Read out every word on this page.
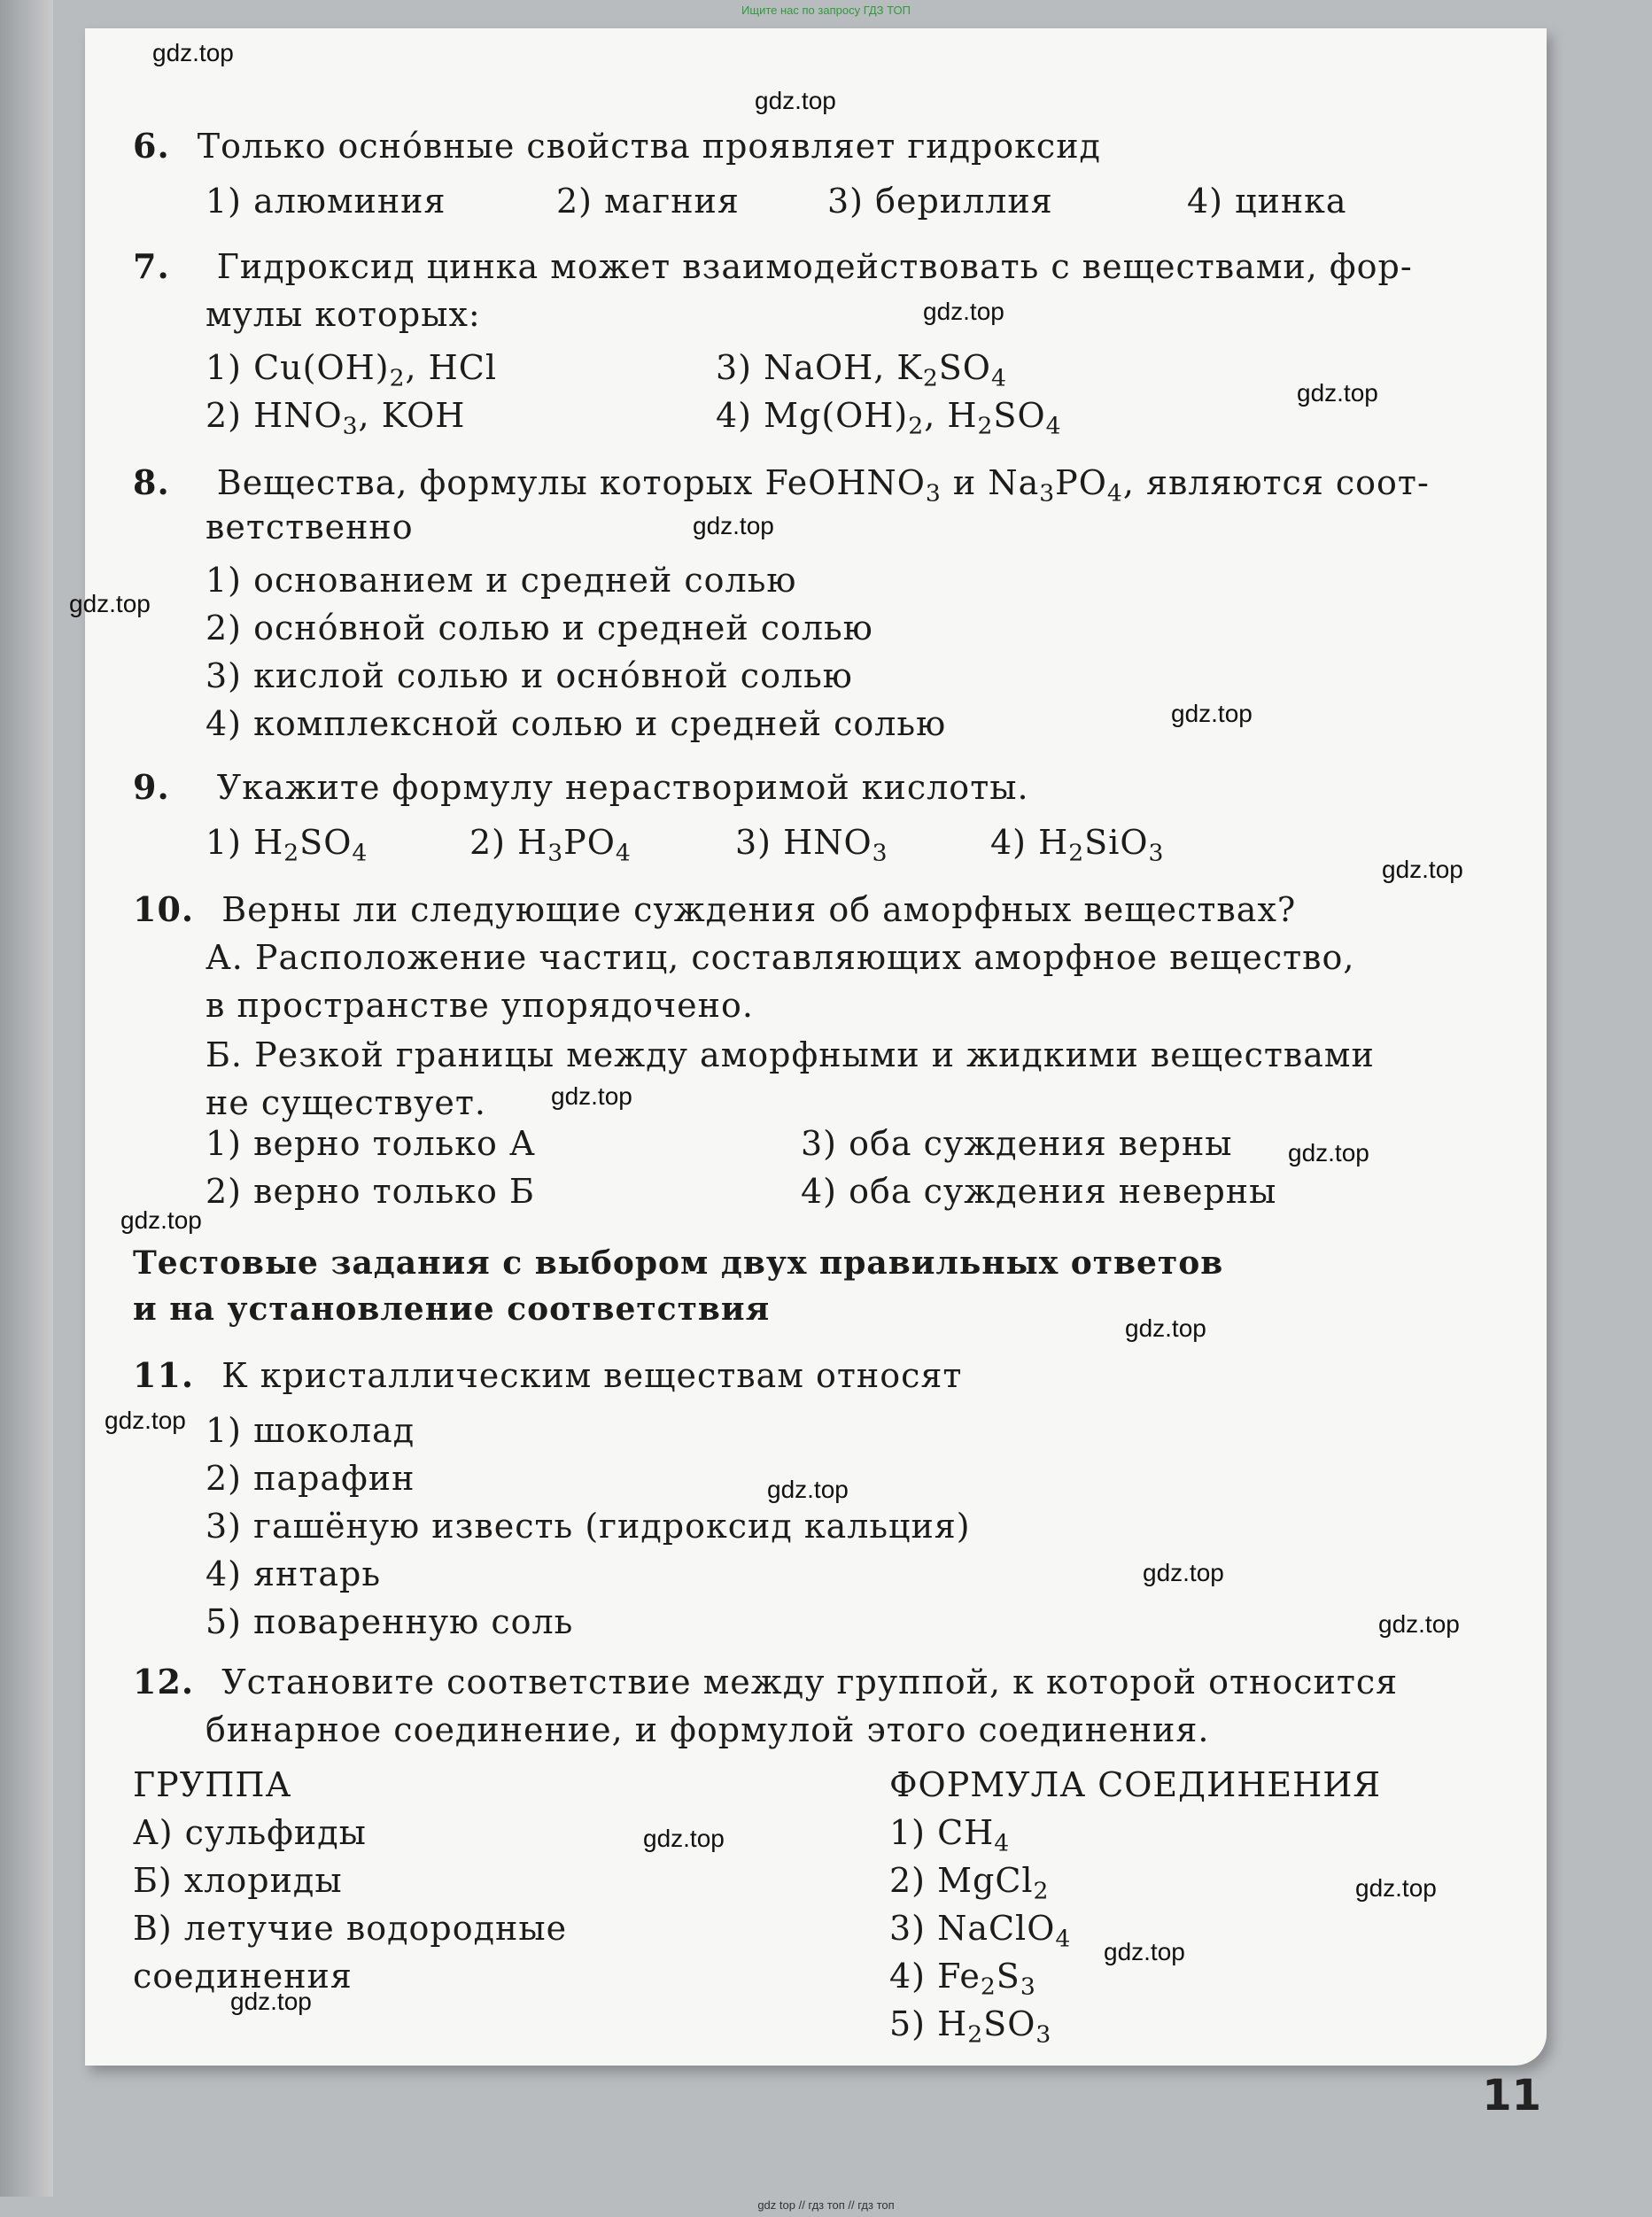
Ищите нас по запросу ГДЗ ТОП
11
6. Только осно́вные свойства проявляет гидроксид
1) алюминия	2) магния	3) бериллия	4) цинка
7. Гидроксид цинка может взаимодействовать с веществами, фор-
мулы которых:
1) $Cu(OH)_2$, HCl	3) NaOH, $K_2SO_4$
2) $HNO_3$, KOH	4) $Mg(OH)_2$, $H_2SO_4$
8. Вещества, формулы которых FeOHNO$_3$ и $Na_3PO_4$, являются соот-
ветственно
1) основанием и средней солью
2) осно́вной солью и средней солью
3) кислой солью и осно́вной солью
4) комплексной солью и средней солью
9. Укажите формулу нерастворимой кислоты.
1) $H_2SO_4$	2) $H_3PO_4$	3) $HNO_3$	4) $H_2SiO_3$
10. Верны ли следующие суждения об аморфных веществах?
А. Расположение частиц, составляющих аморфное вещество,
в пространстве упорядочено.
Б. Резкой границы между аморфными и жидкими веществами
не существует.
1) верно только А	3) оба суждения верны
2) верно только Б	4) оба суждения неверны
Тестовые задания с выбором двух правильных ответов
и на установление соответствия
11. К кристаллическим веществам относят
1) шоколад
2) парафин
3) гашёную известь (гидроксид кальция)
4) янтарь
5) поваренную соль
12. Установите соответствие между группой, к которой относится
бинарное соединение, и формулой этого соединения.
ГРУППА	ФОРМУЛА СОЕДИНЕНИЯ
А) сульфиды
Б) хлориды
В) летучие водородные
соединения
1) $CH_4$
2) MgCl$_2$
3) NaClO$_4$
4) $Fe_2S_3$
5) $H_2SO_3$
gdz.top
gdz.top
gdz.top
gdz.top
gdz.top
gdz.top
gdz.top
gdz.top
gdz.top
gdz.top
gdz.top
gdz.top
gdz.top
gdz.top
gdz.top
gdz.top
gdz.top
gdz.top
gdz.top
gdz.top
gdz top // гдз топ // гдз топ
